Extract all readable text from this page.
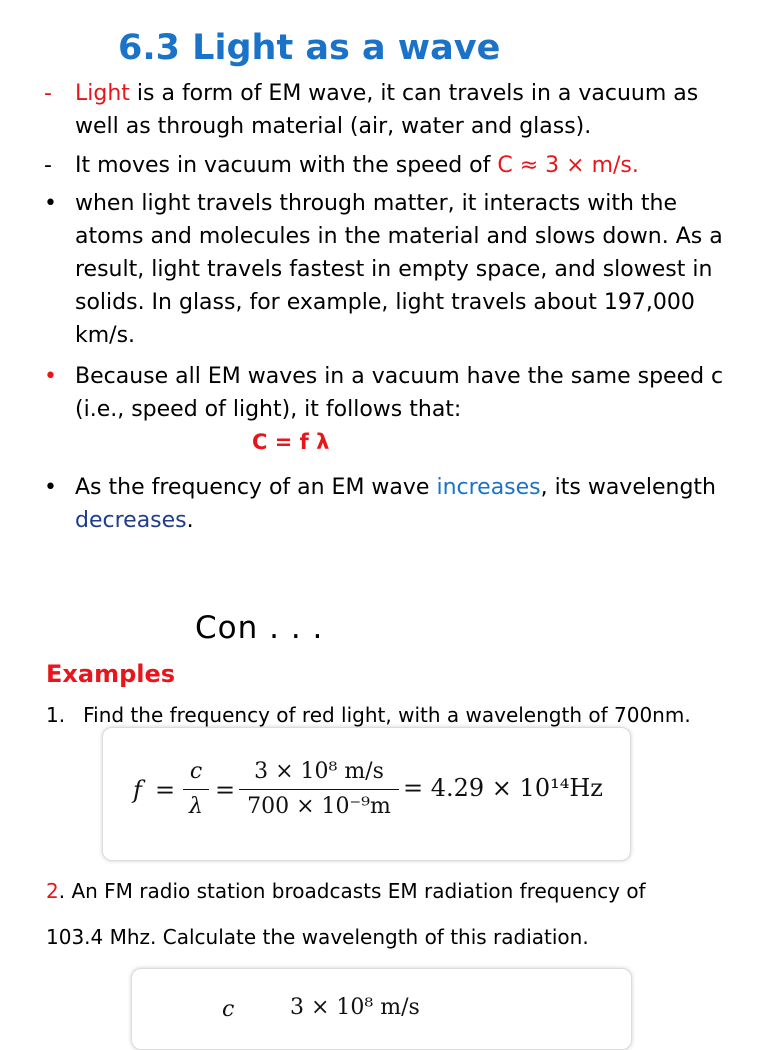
6.3 Light as a wave
- Light is a form of EM wave, it can travels in a vacuum as well as through material (air, water and glass).
- It moves in vacuum with the speed of C ≈ 3 × m/s.
• when light travels through matter, it interacts with the atoms and molecules in the material and slows down. As a result, light travels fastest in empty space, and slowest in solids. In glass, for example, light travels about 197,000 km/s.
• Because all EM waves in a vacuum have the same speed c (i.e., speed of light), it follows that:
• As the frequency of an EM wave increases, its wavelength decreases.

C = f λ

Con . . .

Examples

1. Find the frequency of red light, with a wavelength of 700nm.

f =
c
λ
=
3 × 10⁸ m/s
700 × 10⁻⁹m
= 4.29 × 10¹⁴Hz

2. An FM radio station broadcasts EM radiation frequency of

103.4 Mhz. Calculate the wavelength of this radiation.

c	3 × 10⁸ m/s
